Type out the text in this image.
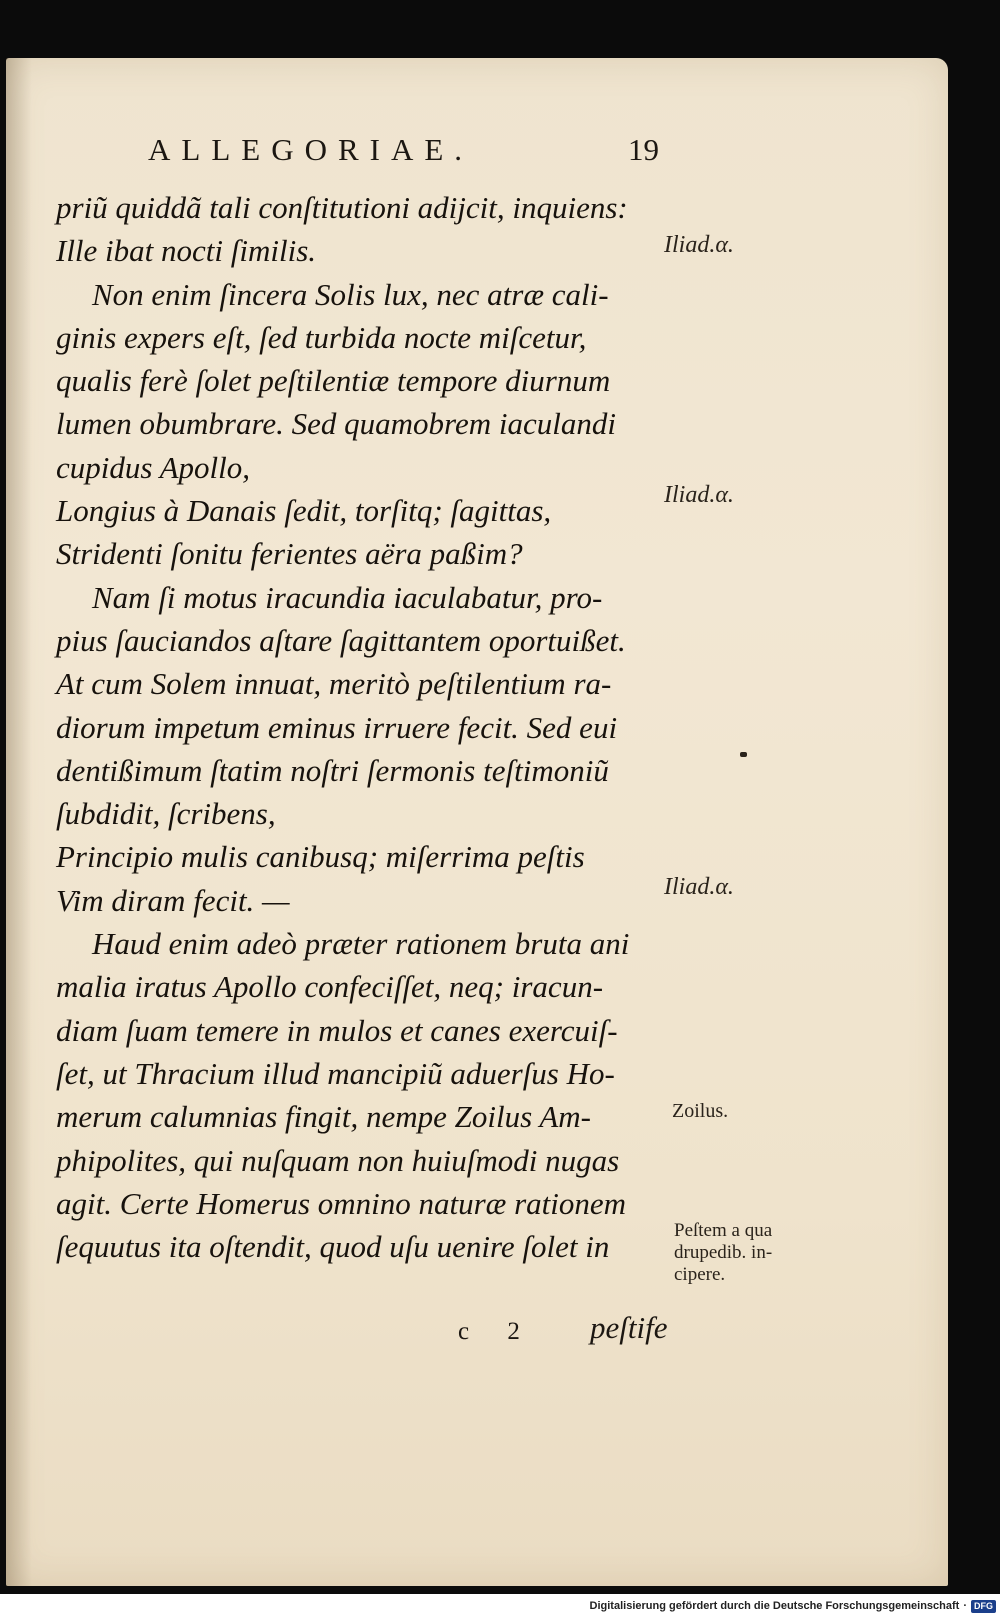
ALLEGORIAE.	19
priũ quiddã tali conſtitutioni adijcit, inquiens:
Ille ibat nocti ſimilis.
Non enim ſincera Solis lux, nec atræ cali-
ginis expers eſt, ſed turbida nocte miſcetur,
qualis ferè ſolet peſtilentiæ tempore diurnum
lumen obumbrare. Sed quamobrem iaculandi
cupidus Apollo,
Longius à Danais ſedit, torſitq; ſagittas,
Stridenti ſonitu ferientes aëra paßim?
Nam ſi motus iracundia iaculabatur, pro-
pius ſauciandos aſtare ſagittantem oportuißet.
At cum Solem innuat, meritò peſtilentium ra-
diorum impetum eminus irruere fecit. Sed eui
dentißimum ſtatim noſtri ſermonis teſtimoniũ
ſubdidit, ſcribens,
Principio mulis canibusq; miſerrima peſtis
Vim diram fecit. —
Haud enim adeò præter rationem bruta ani
malia iratus Apollo confeciſſet, neq; iracun-
diam ſuam temere in mulos et canes exercuiſ-
ſet, ut Thracium illud mancipiũ aduerſus Ho-
merum calumnias fingit, nempe Zoilus Am-
phipolites, qui nuſquam non huiuſmodi nugas
agit. Certe Homerus omnino naturæ rationem
ſequutus ita oſtendit, quod uſu uenire ſolet in
Iliad.α.
Iliad.α.
Iliad.α.
Zoilus.
Peſtem a qua
drupedib. in-
cipere.
c 2 peſtife
Digitalisierung gefördert durch die Deutsche Forschungsgemeinschaft · DFG
